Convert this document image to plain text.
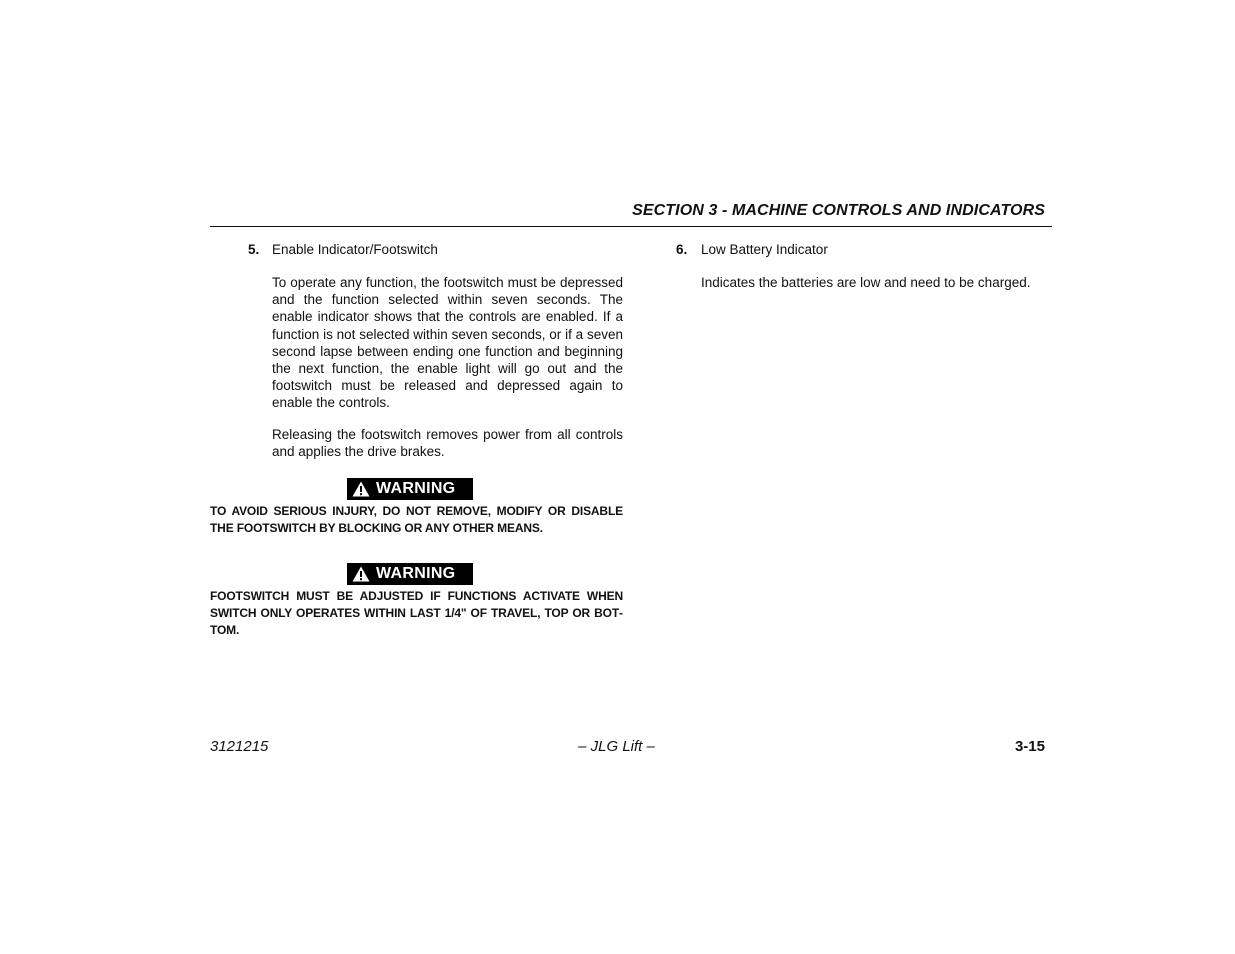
SECTION 3 - MACHINE CONTROLS AND INDICATORS
5. Enable Indicator/Footswitch

To operate any function, the footswitch must be depressed and the function selected within seven seconds. The enable indicator shows that the controls are enabled. If a function is not selected within seven seconds, or if a seven second lapse between ending one function and beginning the next function, the enable light will go out and the footswitch must be released and depressed again to enable the controls.

Releasing the footswitch removes power from all controls and applies the drive brakes.

WARNING
TO AVOID SERIOUS INJURY, DO NOT REMOVE, MODIFY OR DISABLE THE FOOTSWITCH BY BLOCKING OR ANY OTHER MEANS.
WARNING
FOOTSWITCH MUST BE ADJUSTED IF FUNCTIONS ACTIVATE WHEN SWITCH ONLY OPERATES WITHIN LAST 1/4" OF TRAVEL, TOP OR BOTTOM.
6. Low Battery Indicator

Indicates the batteries are low and need to be charged.

3121215	– JLG Lift –	3-15
